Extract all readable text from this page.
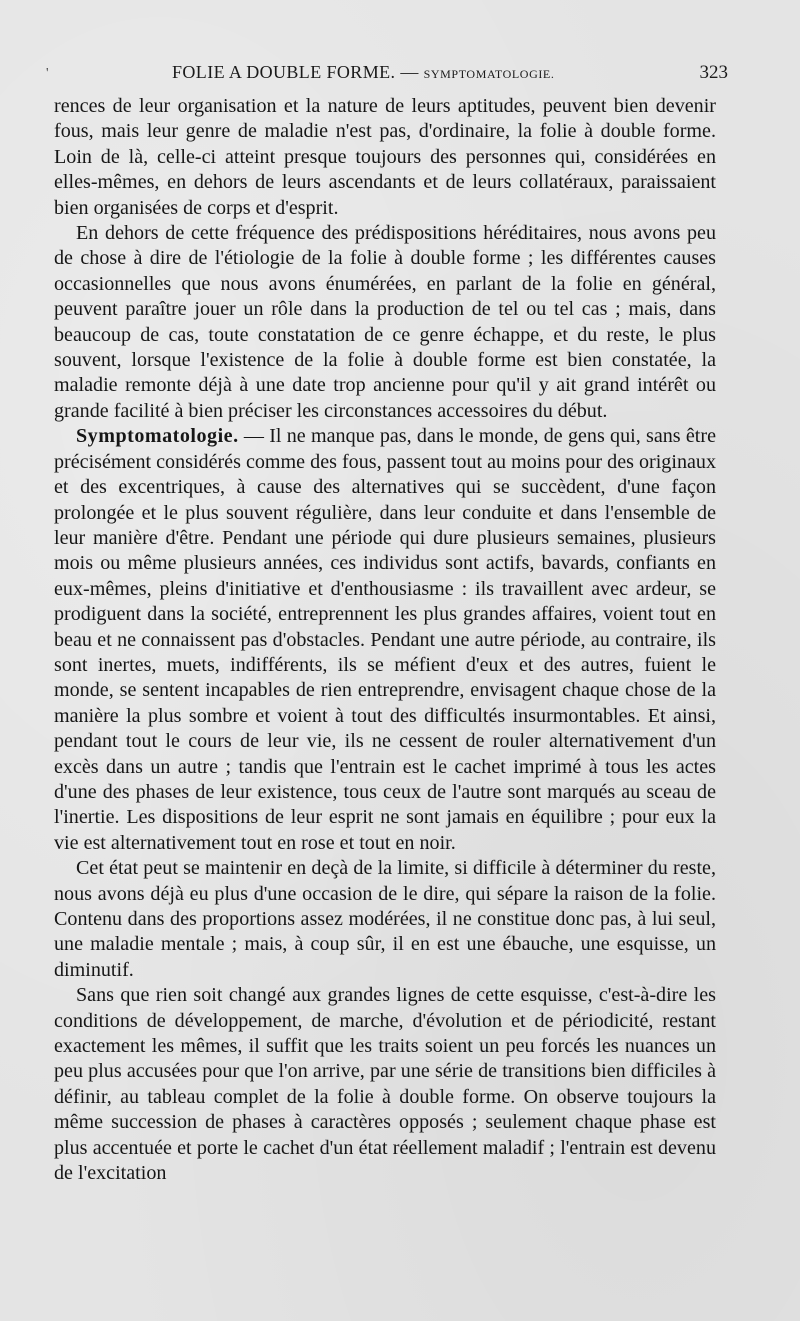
'	FOLIE A DOUBLE FORME. — SYMPTOMATOLOGIE.	323

rences de leur organisation et la nature de leurs aptitudes, peuvent bien devenir fous, mais leur genre de maladie n'est pas, d'ordinaire, la folie à double forme. Loin de là, celle-ci atteint presque toujours des personnes qui, considérées en elles-mêmes, en dehors de leurs ascendants et de leurs collatéraux, paraissaient bien organisées de corps et d'esprit.

En dehors de cette fréquence des prédispositions héréditaires, nous avons peu de chose à dire de l'étiologie de la folie à double forme ; les différentes causes occasionnelles que nous avons énumérées, en parlant de la folie en général, peuvent paraître jouer un rôle dans la production de tel ou tel cas ; mais, dans beaucoup de cas, toute constatation de ce genre échappe, et du reste, le plus souvent, lorsque l'existence de la folie à double forme est bien constatée, la maladie remonte déjà à une date trop ancienne pour qu'il y ait grand intérêt ou grande facilité à bien préciser les circonstances accessoires du début.

Symptomatologie. — Il ne manque pas, dans le monde, de gens qui, sans être précisément considérés comme des fous, passent tout au moins pour des originaux et des excentriques, à cause des alternatives qui se succèdent, d'une façon prolongée et le plus souvent régulière, dans leur conduite et dans l'ensemble de leur manière d'être. Pendant une période qui dure plusieurs semaines, plusieurs mois ou même plusieurs années, ces individus sont actifs, bavards, confiants en eux-mêmes, pleins d'initiative et d'enthousiasme : ils travaillent avec ardeur, se prodiguent dans la société, entreprennent les plus grandes affaires, voient tout en beau et ne connaissent pas d'obstacles. Pendant une autre période, au contraire, ils sont inertes, muets, indifférents, ils se méfient d'eux et des autres, fuient le monde, se sentent incapables de rien entreprendre, envisagent chaque chose de la manière la plus sombre et voient à tout des difficultés insurmontables. Et ainsi, pendant tout le cours de leur vie, ils ne cessent de rouler alternativement d'un excès dans un autre ; tandis que l'entrain est le cachet imprimé à tous les actes d'une des phases de leur existence, tous ceux de l'autre sont marqués au sceau de l'inertie. Les dispositions de leur esprit ne sont jamais en équilibre ; pour eux la vie est alternativement tout en rose et tout en noir.

Cet état peut se maintenir en deçà de la limite, si difficile à déterminer du reste, nous avons déjà eu plus d'une occasion de le dire, qui sépare la raison de la folie. Contenu dans des proportions assez modérées, il ne constitue donc pas, à lui seul, une maladie mentale ; mais, à coup sûr, il en est une ébauche, une esquisse, un diminutif.

Sans que rien soit changé aux grandes lignes de cette esquisse, c'est-à-dire les conditions de développement, de marche, d'évolution et de périodicité, restant exactement les mêmes, il suffit que les traits soient un peu forcés les nuances un peu plus accusées pour que l'on arrive, par une série de transitions bien difficiles à définir, au tableau complet de la folie à double forme. On observe toujours la même succession de phases à caractères opposés ; seulement chaque phase est plus accentuée et porte le cachet d'un état réellement maladif ; l'entrain est devenu de l'excitation
